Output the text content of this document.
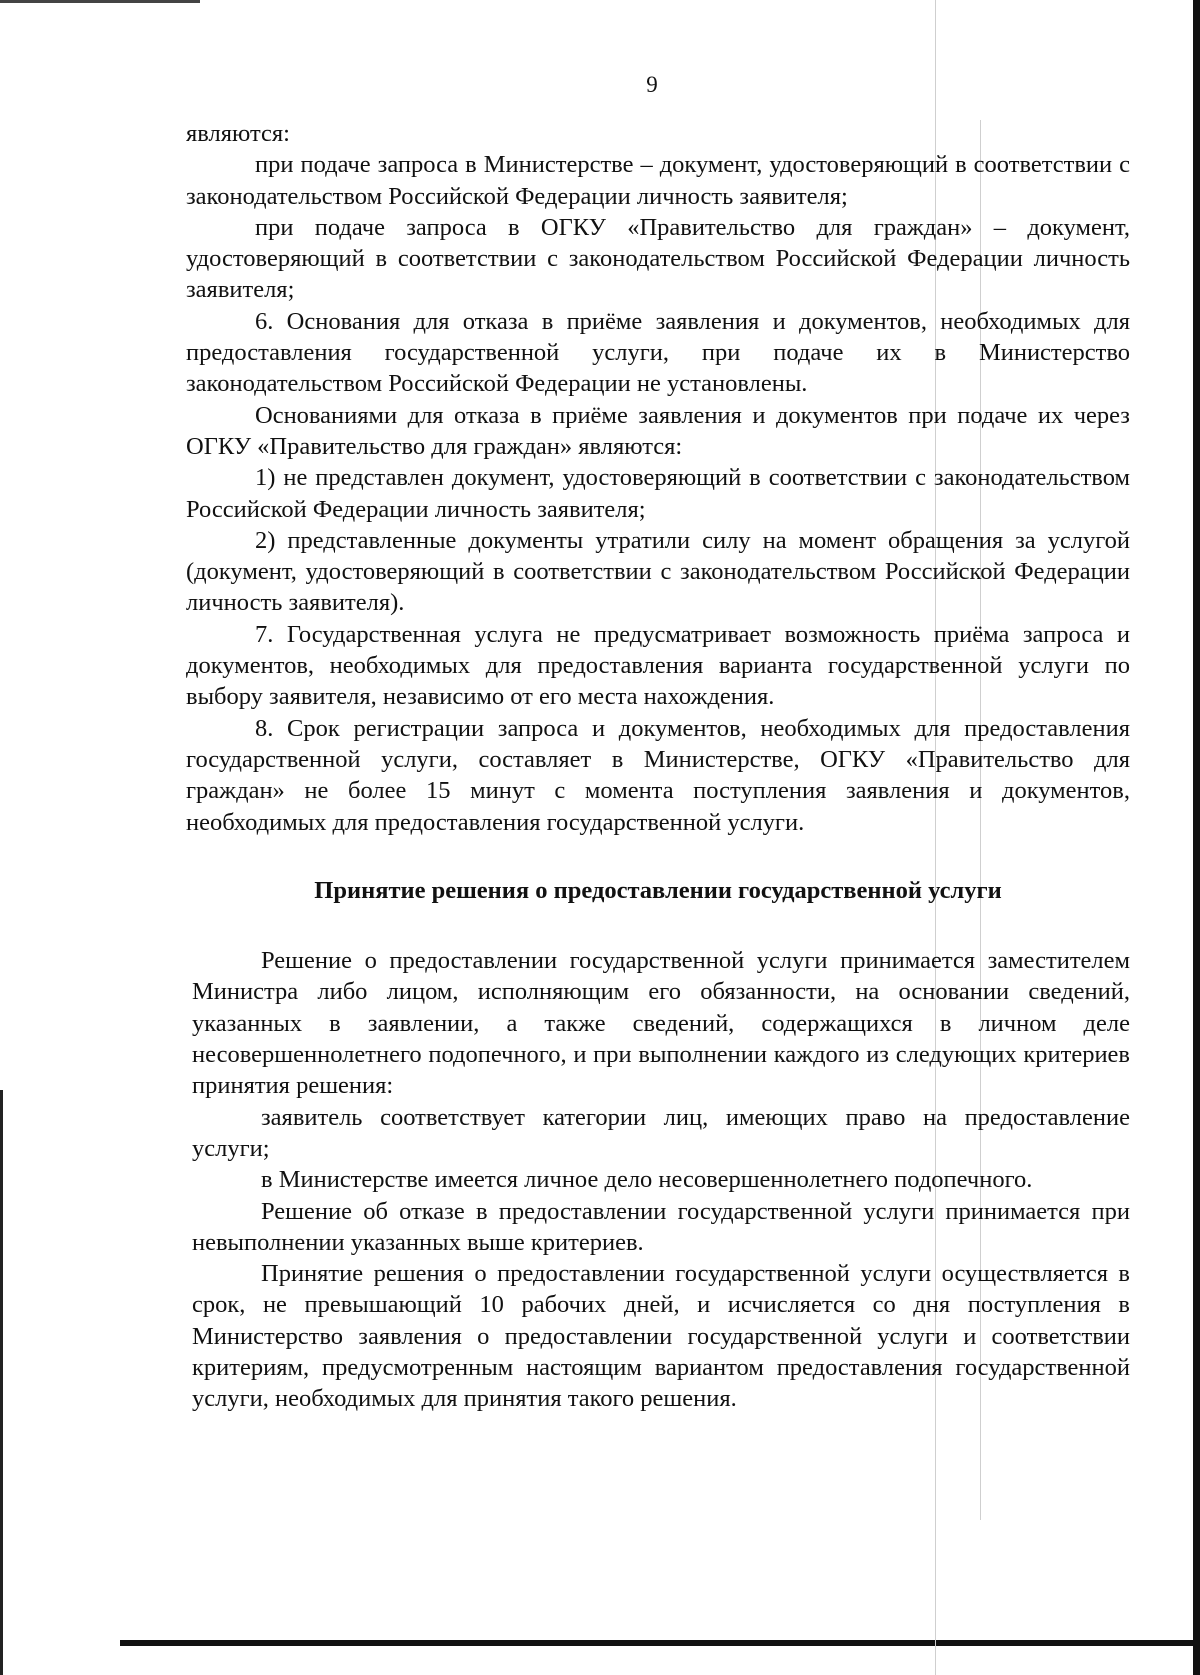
9

являются:

при подаче запроса в Министерстве – документ, удостоверяющий в соответствии с законодательством Российской Федерации личность заявителя;

при подаче запроса в ОГКУ «Правительство для граждан» – документ, удостоверяющий в соответствии с законодательством Российской Федерации личность заявителя;

6. Основания для отказа в приёме заявления и документов, необходимых для предоставления государственной услуги, при подаче их в Министерство законодательством Российской Федерации не установлены.

Основаниями для отказа в приёме заявления и документов при подаче их через ОГКУ «Правительство для граждан» являются:

1) не представлен документ, удостоверяющий в соответствии с законодательством Российской Федерации личность заявителя;

2) представленные документы утратили силу на момент обращения за услугой (документ, удостоверяющий в соответствии с законодательством Российской Федерации личность заявителя).

7. Государственная услуга не предусматривает возможность приёма запроса и документов, необходимых для предоставления варианта государственной услуги по выбору заявителя, независимо от его места нахождения.

8. Срок регистрации запроса и документов, необходимых для предоставления государственной услуги, составляет в Министерстве, ОГКУ «Правительство для граждан» не более 15 минут с момента поступления заявления и документов, необходимых для предоставления государственной услуги.

Принятие решения о предоставлении государственной услуги

Решение о предоставлении государственной услуги принимается заместителем Министра либо лицом, исполняющим его обязанности, на основании сведений, указанных в заявлении, а также сведений, содержащихся в личном деле несовершеннолетнего подопечного, и при выполнении каждого из следующих критериев принятия решения:

заявитель соответствует категории лиц, имеющих право на предоставление услуги;

в Министерстве имеется личное дело несовершеннолетнего подопечного.

Решение об отказе в предоставлении государственной услуги принимается при невыполнении указанных выше критериев.

Принятие решения о предоставлении государственной услуги осуществляется в срок, не превышающий 10 рабочих дней, и исчисляется со дня поступления в Министерство заявления о предоставлении государственной услуги и соответствии критериям, предусмотренным настоящим вариантом предоставления государственной услуги, необходимых для принятия такого решения.
